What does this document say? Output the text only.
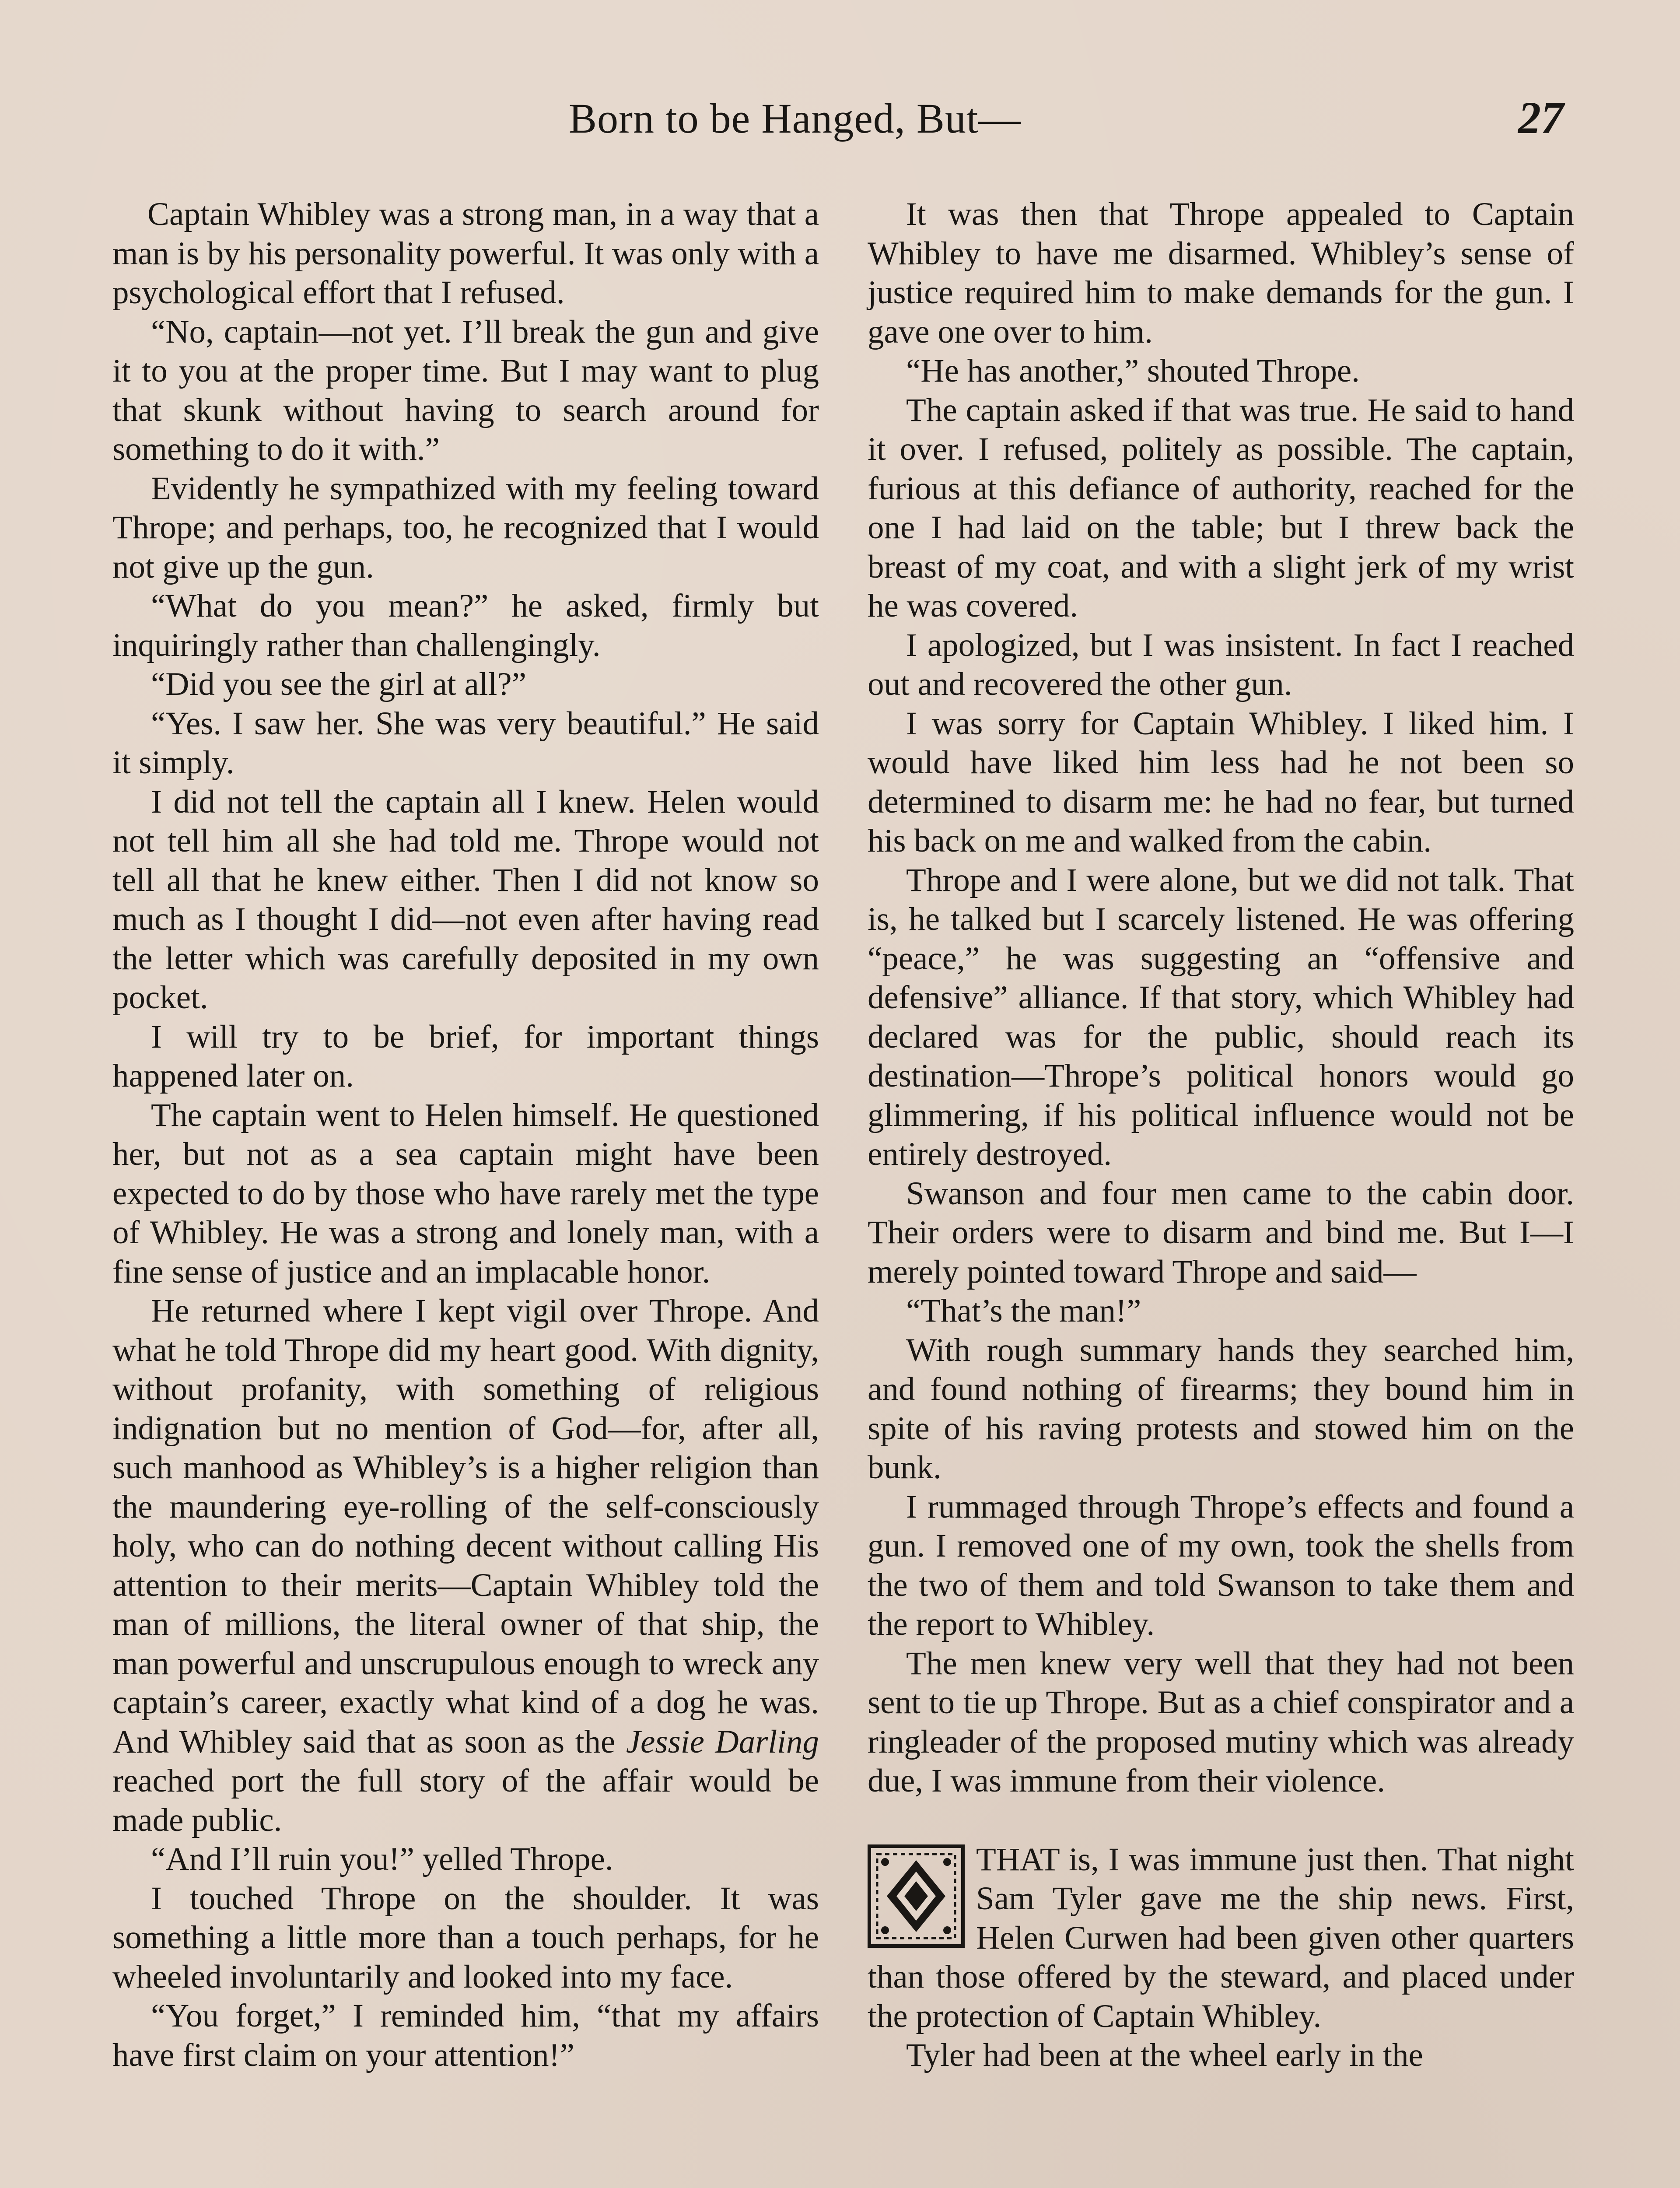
Born to be Hanged, But—	27

Captain Whibley was a strong man, in a way that a man is by his personality powerful. It was only with a psychological effort that I refused.

“No, captain—not yet. I’ll break the gun and give it to you at the proper time. But I may want to plug that skunk without having to search around for something to do it with.”

Evidently he sympathized with my feeling toward Thrope; and perhaps, too, he recognized that I would not give up the gun.

“What do you mean?” he asked, firmly but inquiringly rather than challengingly.

“Did you see the girl at all?”

“Yes. I saw her. She was very beautiful.” He said it simply.

I did not tell the captain all I knew. Helen would not tell him all she had told me. Thrope would not tell all that he knew either. Then I did not know so much as I thought I did—not even after having read the letter which was carefully deposited in my own pocket.

I will try to be brief, for important things happened later on.

The captain went to Helen himself. He questioned her, but not as a sea captain might have been expected to do by those who have rarely met the type of Whibley. He was a strong and lonely man, with a fine sense of justice and an implacable honor.

He returned where I kept vigil over Thrope. And what he told Thrope did my heart good. With dignity, without profanity, with something of religious indignation but no mention of God—for, after all, such manhood as Whibley’s is a higher religion than the maundering eye-rolling of the self-consciously holy, who can do nothing decent without calling His attention to their merits—Captain Whibley told the man of millions, the literal owner of that ship, the man powerful and unscrupulous enough to wreck any captain’s career, exactly what kind of a dog he was. And Whibley said that as soon as the Jessie Darling reached port the full story of the affair would be made public.

“And I’ll ruin you!” yelled Thrope.

I touched Thrope on the shoulder. It was something a little more than a touch perhaps, for he wheeled involuntarily and looked into my face.

“You forget,” I reminded him, “that my affairs have first claim on your attention!”

It was then that Thrope appealed to Captain Whibley to have me disarmed. Whibley’s sense of justice required him to make demands for the gun. I gave one over to him.

“He has another,” shouted Thrope.

The captain asked if that was true. He said to hand it over. I refused, politely as possible. The captain, furious at this defiance of authority, reached for the one I had laid on the table; but I threw back the breast of my coat, and with a slight jerk of my wrist he was covered.

I apologized, but I was insistent. In fact I reached out and recovered the other gun.

I was sorry for Captain Whibley. I liked him. I would have liked him less had he not been so determined to disarm me: he had no fear, but turned his back on me and walked from the cabin.

Thrope and I were alone, but we did not talk. That is, he talked but I scarcely listened. He was offering “peace,” he was suggesting an “offensive and defensive” alliance. If that story, which Whibley had declared was for the public, should reach its destination—Thrope’s political honors would go glimmering, if his political influence would not be entirely destroyed.

Swanson and four men came to the cabin door. Their orders were to disarm and bind me. But I—I merely pointed toward Thrope and said—

“That’s the man!”

With rough summary hands they searched him, and found nothing of firearms; they bound him in spite of his raving protests and stowed him on the bunk.

I rummaged through Thrope’s effects and found a gun. I removed one of my own, took the shells from the two of them and told Swanson to take them and the report to Whibley.

The men knew very well that they had not been sent to tie up Thrope. But as a chief conspirator and a ringleader of the proposed mutiny which was already due, I was immune from their violence.

THAT is, I was immune just then. That night Sam Tyler gave me the ship news. First, Helen Curwen had been given other quarters than those offered by the steward, and placed under the protection of Captain Whibley.

Tyler had been at the wheel early in the
